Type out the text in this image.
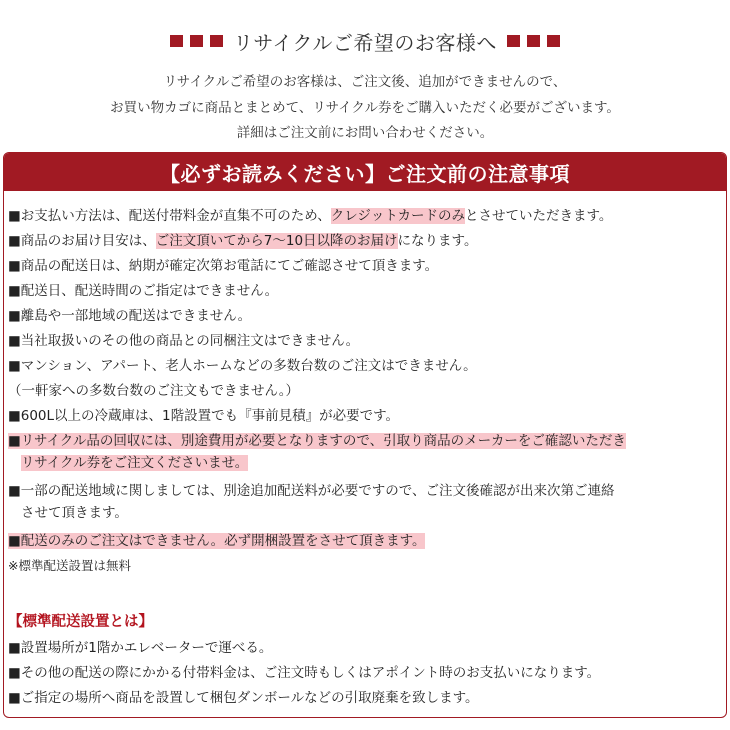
リサイクルご希望のお客様へ
リサイクルご希望のお客様は、ご注文後、追加ができませんので、
お買い物カゴに商品とまとめて、リサイクル券をご購入いただく必要がございます。
詳細はご注文前にお問い合わせください。
【必ずお読みください】ご注文前の注意事項
■お支払い方法は、配送付帯料金が直集不可のため、クレジットカードのみとさせていただきます。
■商品のお届け目安は、ご注文頂いてから7〜10日以降のお届けになります。
■商品の配送日は、納期が確定次第お電話にてご確認させて頂きます。
■配送日、配送時間のご指定はできません。
■離島や一部地域の配送はできません。
■当社取扱いのその他の商品との同梱注文はできません。
■マンション、アパート、老人ホームなどの多数台数のご注文はできません。
（一軒家への多数台数のご注文もできません。）
■600L以上の冷蔵庫は、1階設置でも『事前見積』が必要です。
■リサイクル品の回収には、別途費用が必要となりますので、引取り商品のメーカーをご確認いただき
リサイクル券をご注文くださいませ。
■一部の配送地域に関しましては、別途追加配送料が必要ですので、ご注文後確認が出来次第ご連絡
させて頂きます。
■配送のみのご注文はできません。必ず開梱設置をさせて頂きます。
※標準配送設置は無料
【標準配送設置とは】
■設置場所が1階かエレベーターで運べる。
■その他の配送の際にかかる付帯料金は、ご注文時もしくはアポイント時のお支払いになります。
■ご指定の場所へ商品を設置して梱包ダンボールなどの引取廃棄を致します。
